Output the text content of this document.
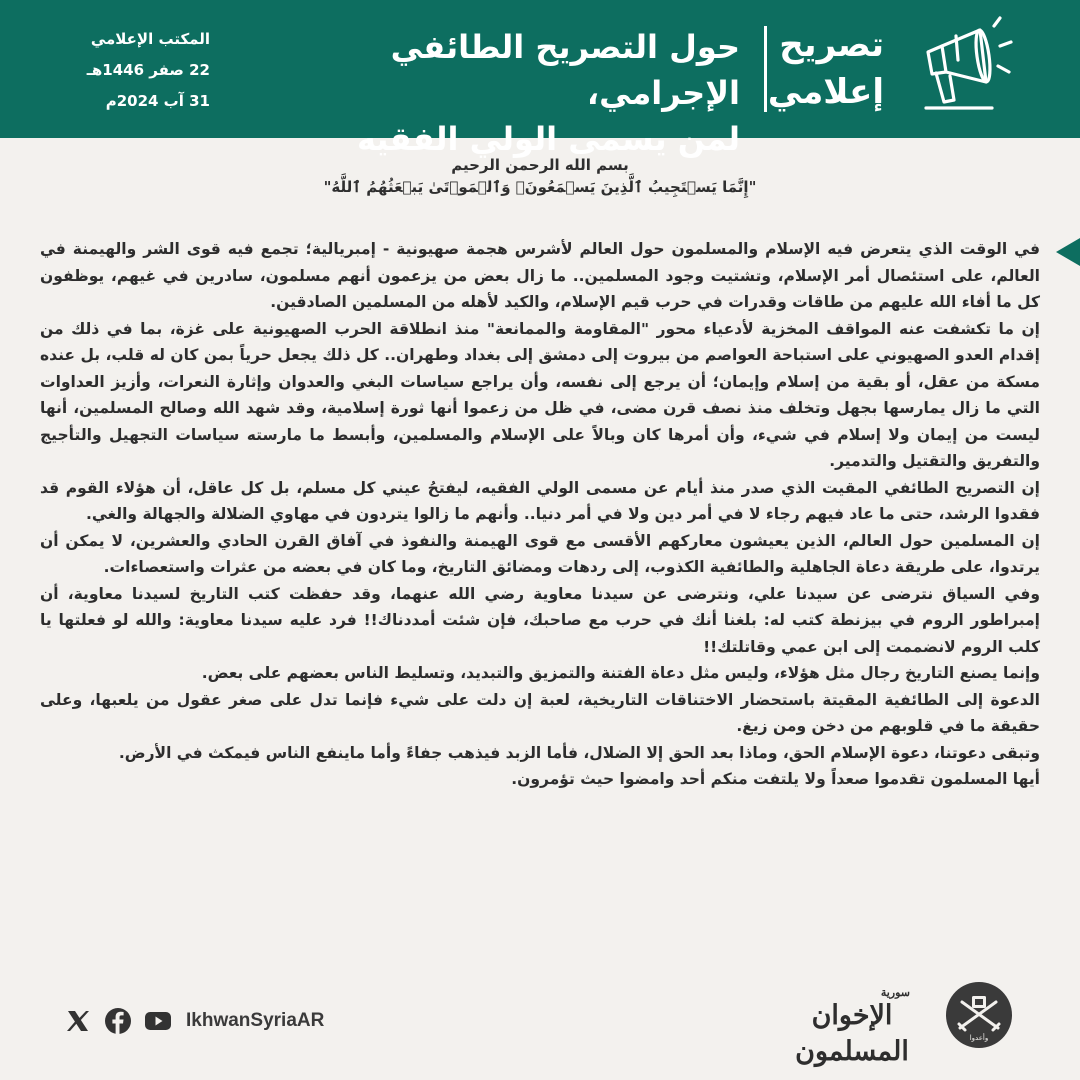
تصريح
إعلامي
حول التصريح الطائفي الإجرامي،
لمن يسمى الولي الفقيه
المكتب الإعلامي
22 صفر 1446هـ
31 آب 2024م
بسم الله الرحمن الرحيم
"إِنَّمَا يَسۡتَجِيبُ ٱلَّذِينَ يَسۡمَعُونَۘ وَٱلۡمَوۡتَىٰ يَبۡعَثُهُمُ ٱللَّهُ"

في الوقت الذي يتعرض فيه الإسلام والمسلمون حول العالم لأشرس هجمة صهيونية - إمبريالية؛ تجمع فيه قوى الشر والهيمنة في العالم، على استئصال أمر الإسلام، وتشتيت وجود المسلمين.. ما زال بعض من يزعمون أنهم مسلمون، سادرين في غيهم، يوظفون كل ما أفاء الله عليهم من طاقات وقدرات في حرب قيم الإسلام، والكيد لأهله من المسلمين الصادقين.

إن ما تكشفت عنه المواقف المخزية لأدعياء محور "المقاومة والممانعة" منذ انطلاقة الحرب الصهيونية على غزة، بما في ذلك من إقدام العدو الصهيوني على استباحة العواصم من بيروت إلى دمشق إلى بغداد وطهران.. كل ذلك يجعل حرياً بمن كان له قلب، بل عنده مسكة من عقل، أو بقية من إسلام وإيمان؛ أن يرجع إلى نفسه، وأن يراجع سياسات البغي والعدوان وإثارة النعرات، وأزيز العداوات التي ما زال يمارسها بجهل وتخلف منذ نصف قرن مضى، في ظل من زعموا أنها ثورة إسلامية، وقد شهد الله وصالح المسلمين، أنها ليست من إيمان ولا إسلام في شيء، وأن أمرها كان وبالاً على الإسلام والمسلمين، وأبسط ما مارسته سياسات التجهيل والتأجيج والتفريق والتقتيل والتدمير.

إن التصريح الطائفي المقيت الذي صدر منذ أيام عن مسمى الولي الفقيه، ليفتحُ عيني كل مسلم، بل كل عاقل، أن هؤلاء القوم قد فقدوا الرشد، حتى ما عاد فيهم رجاء لا في أمر دين ولا في أمر دنيا.. وأنهم ما زالوا يتردون في مهاوي الضلالة والجهالة والغي.

إن المسلمين حول العالم، الذين يعيشون معاركهم الأقسى مع قوى الهيمنة والنفوذ في آفاق القرن الحادي والعشرين، لا يمكن أن يرتدوا، على طريقة دعاة الجاهلية والطائفية الكذوب، إلى ردهات ومضائق التاريخ، وما كان في بعضه من عثرات واستعصاءات.

وفي السياق نترضى عن سيدنا علي، ونترضى عن سيدنا معاوية رضي الله عنهما، وقد حفظت كتب التاريخ لسيدنا معاوية، أن إمبراطور الروم في بيزنطة كتب له: بلغنا أنك في حرب مع صاحبك، فإن شئت أمددناك!! فرد عليه سيدنا معاوية: والله لو فعلتها يا كلب الروم لانضممت إلى ابن عمي وقاتلتك!!

وإنما يصنع التاريخ رجال مثل هؤلاء، وليس مثل دعاة الفتنة والتمزيق والتبديد، وتسليط الناس بعضهم على بعض.

الدعوة إلى الطائفية المقيتة باستحضار الاختناقات التاريخية، لعبة إن دلت على شيء فإنما تدل على صغر عقول من يلعبها، وعلى حقيقة ما في قلوبهم من دخن ومن زيغ.

وتبقى دعوتنا، دعوة الإسلام الحق، وماذا بعد الحق إلا الضلال، فأما الزبد فيذهب جفاءً وأما ماينفع الناس فيمكث في الأرض.

أيها المسلمون تقدموا صعداً ولا يلتفت منكم أحد وامضوا حيث تؤمرون.

IkhwanSyriaAR
سورية
الإخوان المسلمون	وأعدوا
